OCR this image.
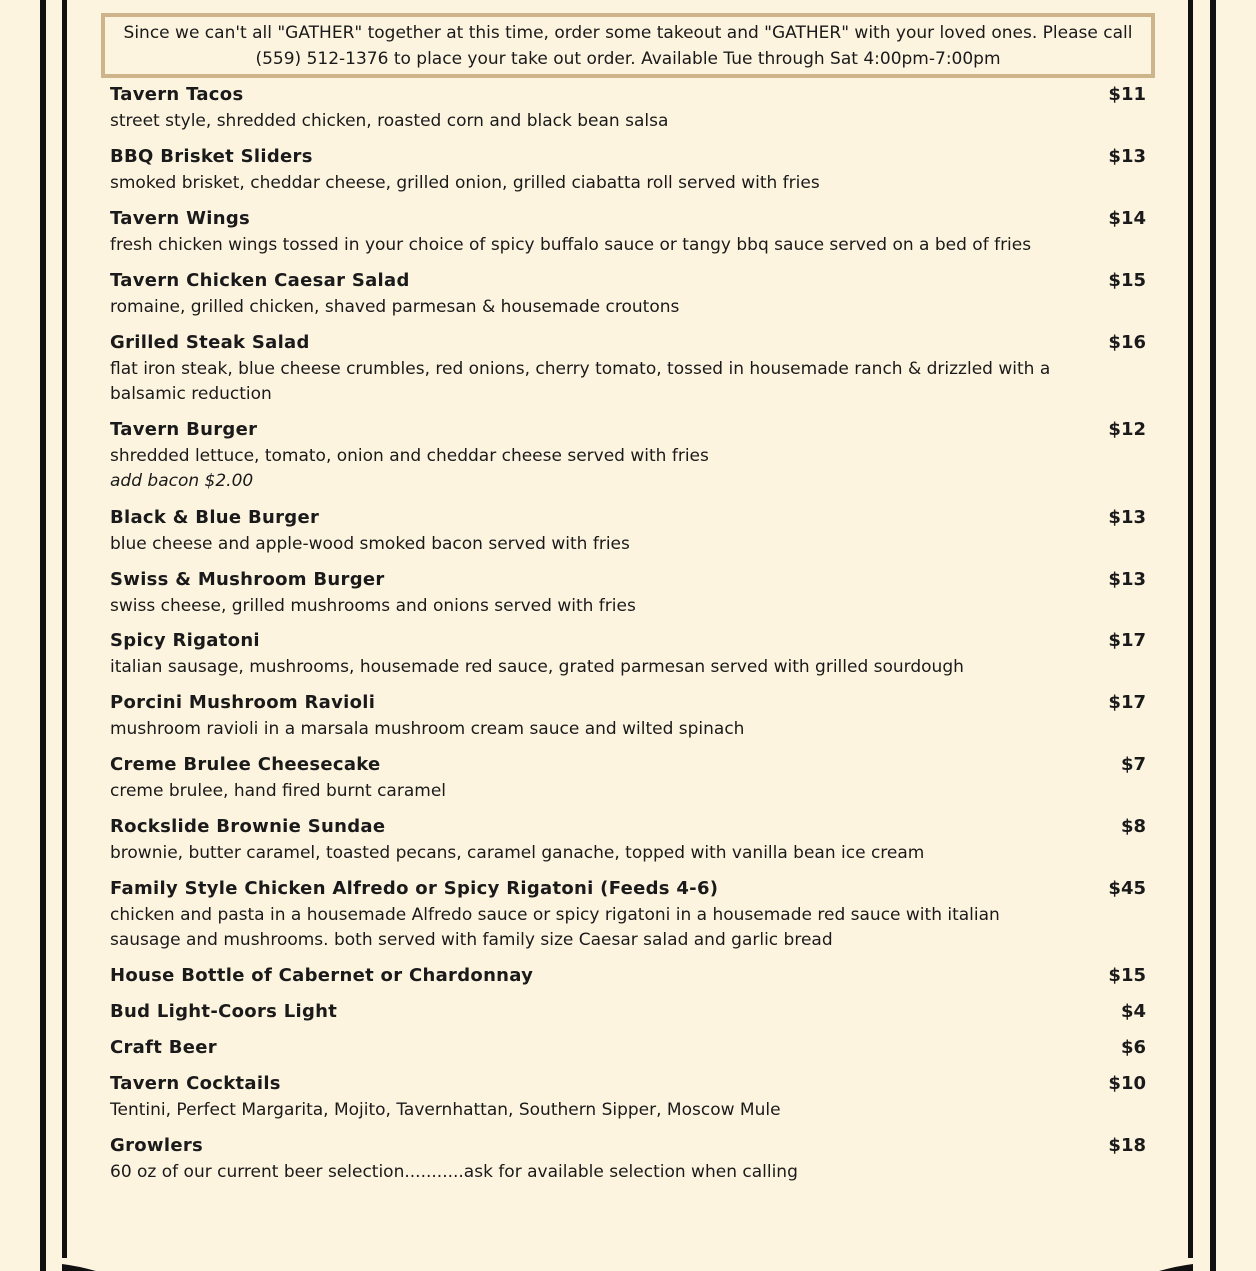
Since we can't all "GATHER" together at this time, order some takeout and "GATHER" with your loved ones. Please call (559) 512-1376 to place your take out order. Available Tue through Sat 4:00pm-7:00pm
Tavern Tacos	$11
street style, shredded chicken, roasted corn and black bean salsa
BBQ Brisket Sliders	$13
smoked brisket, cheddar cheese, grilled onion, grilled ciabatta roll served with fries
Tavern Wings	$14
fresh chicken wings tossed in your choice of spicy buffalo sauce or tangy bbq sauce served on a bed of fries
Tavern Chicken Caesar Salad	$15
romaine, grilled chicken, shaved parmesan & housemade croutons
Grilled Steak Salad	$16
flat iron steak, blue cheese crumbles, red onions, cherry tomato, tossed in housemade ranch & drizzled with a balsamic reduction
Tavern Burger	$12
shredded lettuce, tomato, onion and cheddar cheese served with fries
add bacon $2.00
Black & Blue Burger	$13
blue cheese and apple-wood smoked bacon served with fries
Swiss & Mushroom Burger	$13
swiss cheese, grilled mushrooms and onions served with fries
Spicy Rigatoni	$17
italian sausage, mushrooms, housemade red sauce, grated parmesan served with grilled sourdough
Porcini Mushroom Ravioli	$17
mushroom ravioli in a marsala mushroom cream sauce and wilted spinach
Creme Brulee Cheesecake	$7
creme brulee, hand fired burnt caramel
Rockslide Brownie Sundae	$8
brownie, butter caramel, toasted pecans, caramel ganache, topped with vanilla bean ice cream
Family Style Chicken Alfredo or Spicy Rigatoni (Feeds 4-6)	$45
chicken and pasta in a housemade Alfredo sauce or spicy rigatoni in a housemade red sauce with italian sausage and mushrooms. both served with family size Caesar salad and garlic bread
House Bottle of Cabernet or Chardonnay	$15
Bud Light-Coors Light	$4
Craft Beer	$6
Tavern Cocktails	$10
Tentini, Perfect Margarita, Mojito, Tavernhattan, Southern Sipper, Moscow Mule
Growlers	$18
60 oz of our current beer selection...........ask for available selection when calling
